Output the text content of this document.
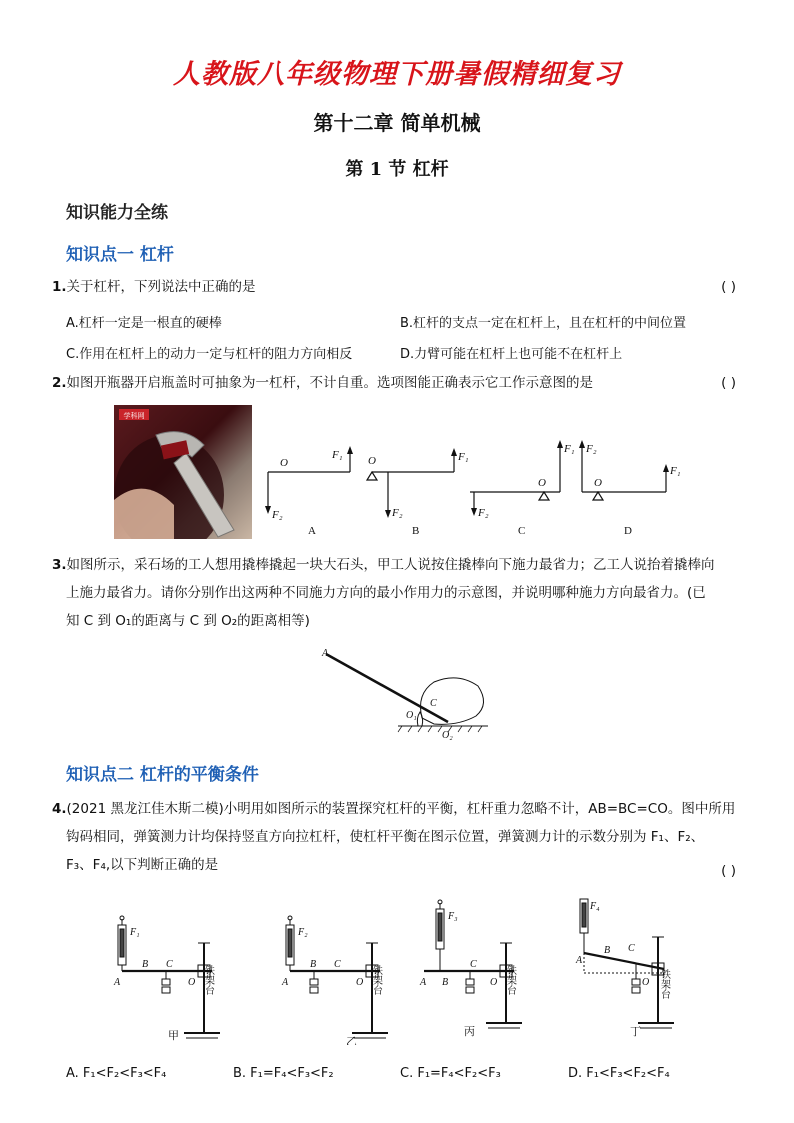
人教版八年级物理下册暑假精细复习
第十二章 简单机械
第 1 节 杠杆
知识能力全练
知识点一 杠杆
1.关于杠杆，下列说法中正确的是	( )
A.杠杆一定是一根直的硬棒	B.杠杆的支点一定在杠杆上，且在杠杆的中间位置
C.作用在杠杆上的动力一定与杠杆的阻力方向相反	D.力臂可能在杠杆上也可能不在杠杆上
2.如图开瓶器开启瓶盖时可抽象为一杠杆，不计自重。选项图能正确表示它工作示意图的是	( )
学科网
O
F₁
F₂
A
O	F₁
F₂
B
O
F₁
F₂
C
O
F₂
F₁
D
3.如图所示，采石场的工人想用撬棒撬起一块大石头，甲工人说按住撬棒向下施力最省力；乙工人说抬着撬棒向
上施力最省力。请你分别作出这两种不同施力方向的最小作用力的示意图，并说明哪种施力方向最省力。(已
知 C 到 O₁的距离与 C 到 O₂的距离相等)
A
C
O₁
O₂
知识点二 杠杆的平衡条件
4.(2021 黑龙江佳木斯二模)小明用如图所示的装置探究杠杆的平衡，杠杆重力忽略不计，AB=BC=CO。图中所用
钩码相同，弹簧测力计均保持竖直方向拉杠杆，使杠杆平衡在图示位置，弹簧测力计的示数分别为 F₁、F₂、
F₃、F₄,以下判断正确的是	( )
F₁
A
B C
O 铁架台
甲
F₂
A
B C
O 铁架台
乙
F₃
A B
C
O 铁架台
丙
F₄
A
B C
O 铁架台
丁
A. F₁<F₂<F₃<F₄	B. F₁=F₄<F₃<F₂	C. F₁=F₄<F₂<F₃	D. F₁<F₃<F₂<F₄
